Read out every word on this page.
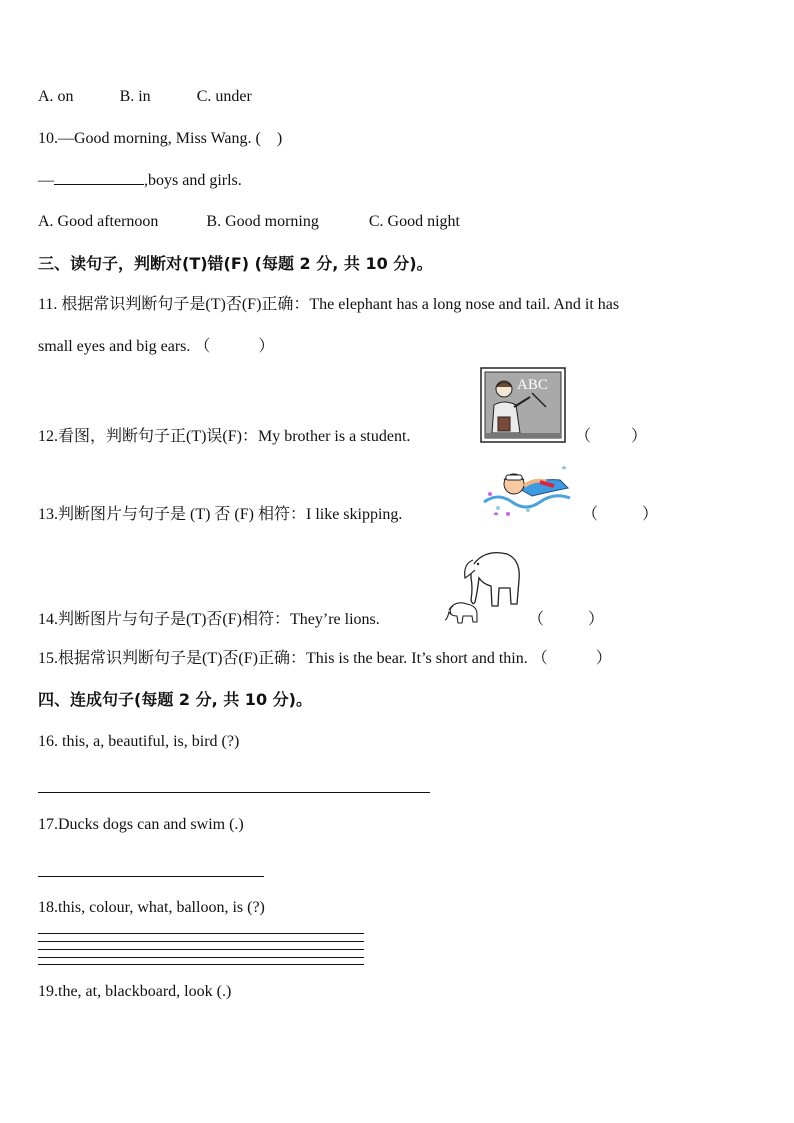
A. on	B. in	C. under
10.—Good morning, Miss Wang. (    )
—	,boys and girls.
A. Good afternoon	B. Good morning	C. Good night
三、读句子，判断对(T)错(F) (每题 2 分, 共 10 分)。
11. 根据常识判断句子是(T)否(F)正确：The elephant has a long nose and tail. And it has
small eyes and big ears. （            ）
12.看图，判断句子正(T)误(F)：My brother is a student.
ABC
（          ）
13.判断图片与句子是 (T) 否 (F) 相符：I like skipping.	（           ）
14.判断图片与句子是(T)否(F)相符：They’re lions.	（           ）
15.根据常识判断句子是(T)否(F)正确：This is the bear. It’s short and thin. （            ）
四、连成句子(每题 2 分, 共 10 分)。
16. this, a, beautiful, is, bird (?)
17.Ducks dogs can and swim (.)
18.this, colour, what, balloon, is (?)
19.the, at, blackboard, look (.)
